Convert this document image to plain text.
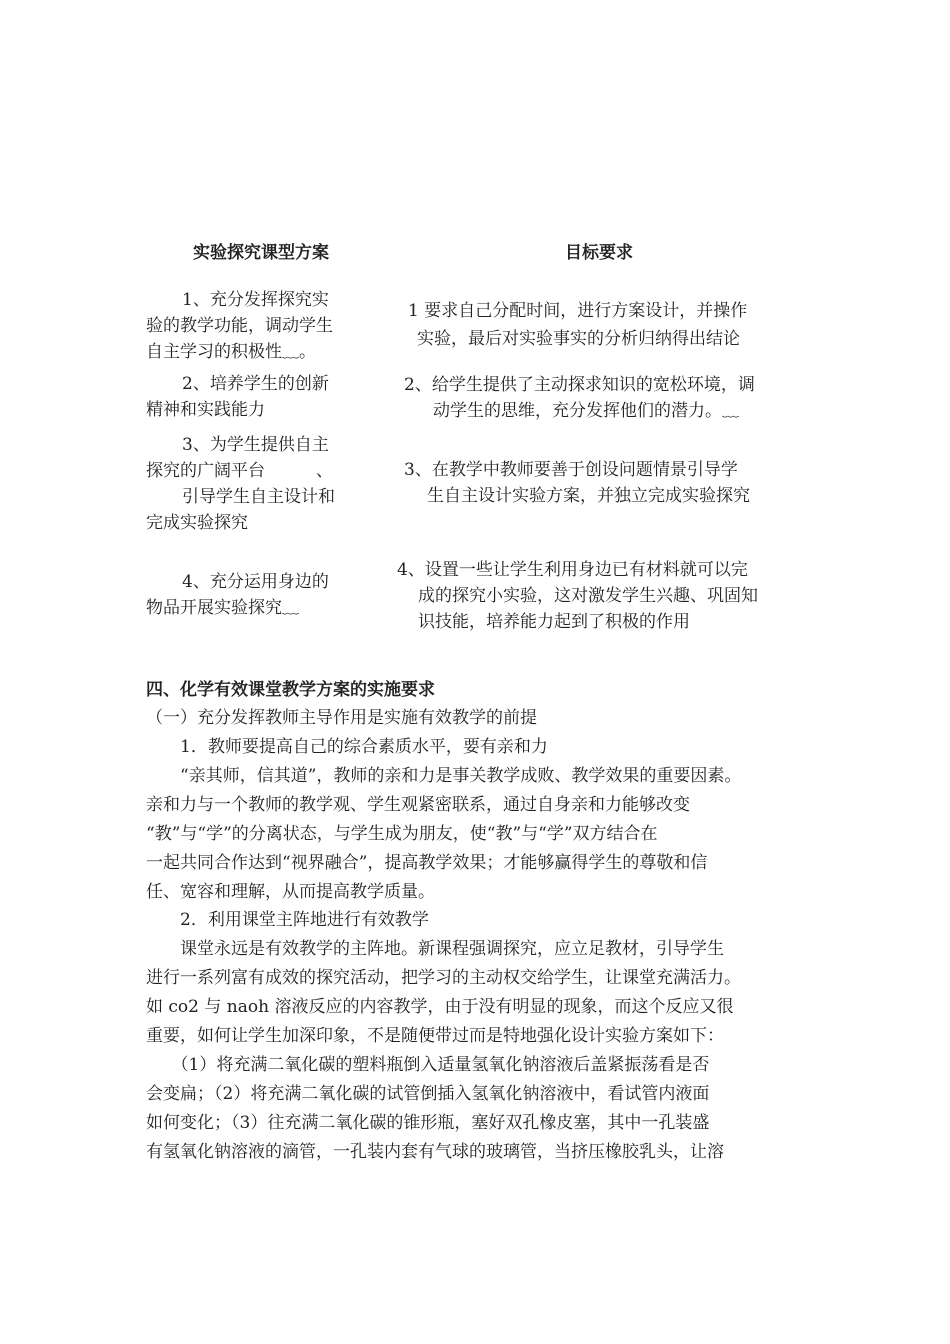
实验探究课型方案	目标要求
1、充分发挥探究实
验的教学功能，调动学生
自主学习的积极性﹏。
2、培养学生的创新
精神和实践能力
3、为学生提供自主
探究的广阔平台　　　、
引导学生自主设计和
完成实验探究
4、充分运用身边的
物品开展实验探究﹏
1 要求自己分配时间，进行方案设计，并操作
实验，最后对实验事实的分析归纳得出结论
2、给学生提供了主动探求知识的宽松环境，调
动学生的思维，充分发挥他们的潜力。﹏
3、在教学中教师要善于创设问题情景引导学
生自主设计实验方案，并独立完成实验探究
4、设置一些让学生利用身边已有材料就可以完
成的探究小实验，这对激发学生兴趣、巩固知
识技能，培养能力起到了积极的作用
四、化学有效课堂教学方案的实施要求
（一）充分发挥教师主导作用是实施有效教学的前提
　　1．教师要提高自己的综合素质水平，要有亲和力
　　“亲其师，信其道”，教师的亲和力是事关教学成败、教学效果的重要因素。
亲和力与一个教师的教学观、学生观紧密联系，通过自身亲和力能够改变
“教”与“学”的分离状态，与学生成为朋友，使“教”与“学”双方结合在
一起共同合作达到“视界融合”，提高教学效果；才能够赢得学生的尊敬和信
任、宽容和理解，从而提高教学质量。
　　2．利用课堂主阵地进行有效教学
　　课堂永远是有效教学的主阵地。新课程强调探究，应立足教材，引导学生
进行一系列富有成效的探究活动，把学习的主动权交给学生，让课堂充满活力。
如 co2 与 naoh 溶液反应的内容教学，由于没有明显的现象，而这个反应又很
重要，如何让学生加深印象，不是随便带过而是特地强化设计实验方案如下：
　　（1）将充满二氧化碳的塑料瓶倒入适量氢氧化钠溶液后盖紧振荡看是否
会变扁；（2）将充满二氧化碳的试管倒插入氢氧化钠溶液中，看试管内液面
如何变化；（3）往充满二氧化碳的锥形瓶，塞好双孔橡皮塞，其中一孔装盛
有氢氧化钠溶液的滴管，一孔装内套有气球的玻璃管，当挤压橡胶乳头，让溶
